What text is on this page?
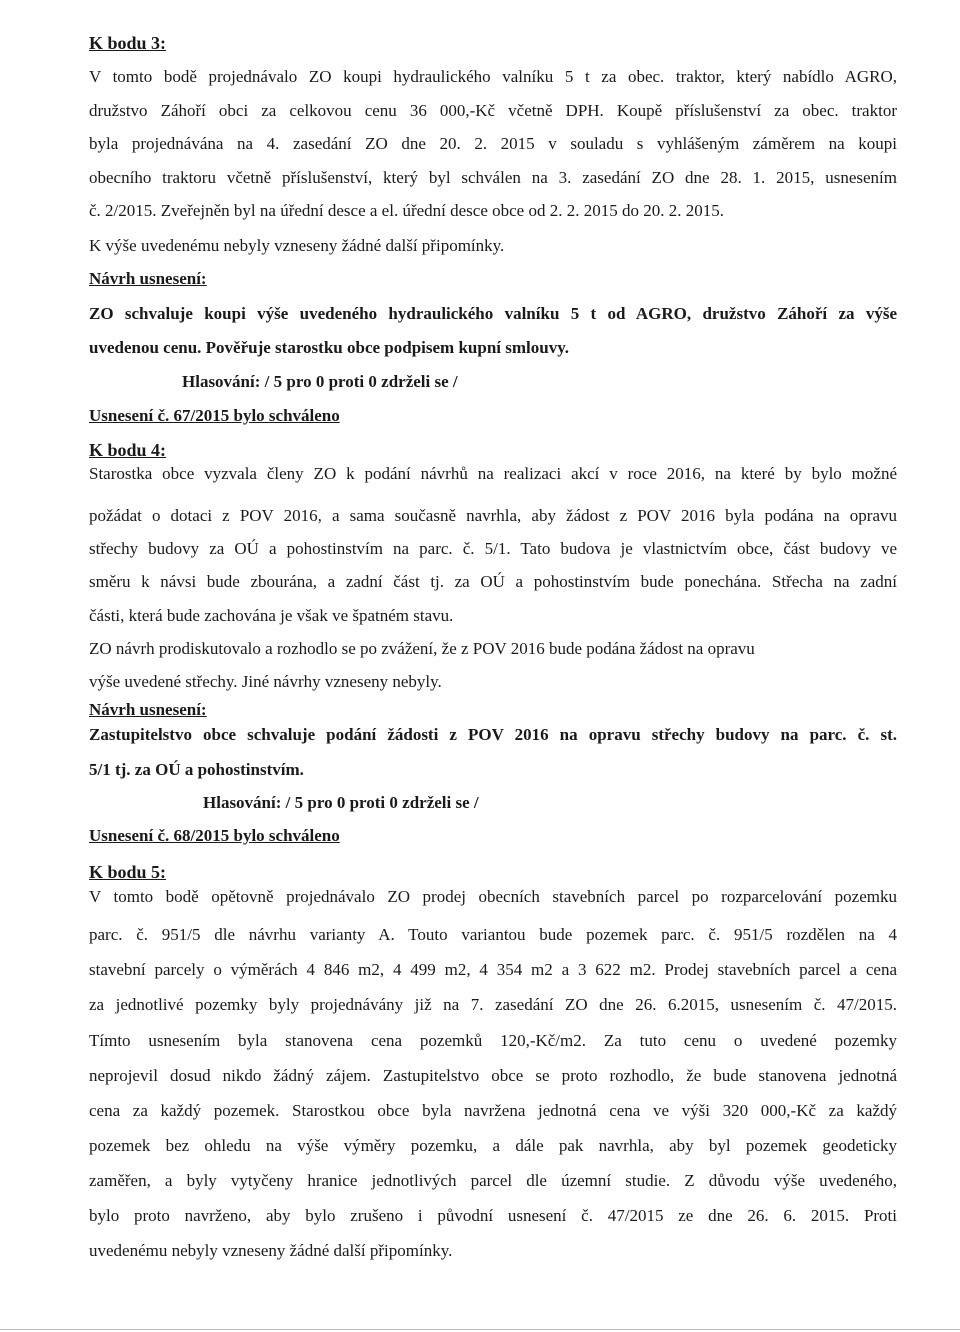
K bodu 3:
V tomto bodě projednávalo ZO koupi hydraulického valníku 5 t za obec. traktor, který nabídlo AGRO,
družstvo Záhoří obci za celkovou cenu 36 000,-Kč včetně DPH. Koupě příslušenství za obec. traktor
byla projednávána na 4. zasedání ZO dne 20. 2. 2015 v souladu s vyhlášeným záměrem na koupi
obecního traktoru včetně příslušenství, který byl schválen na 3. zasedání ZO dne 28. 1. 2015, usnesením
č. 2/2015. Zveřejněn byl na úřední desce a el. úřední desce obce od 2. 2. 2015 do 20. 2. 2015.
K výše uvedenému nebyly vzneseny žádné další připomínky.
Návrh usnesení:
ZO schvaluje koupi výše uvedeného hydraulického valníku 5 t od AGRO, družstvo Záhoří za výše
uvedenou cenu. Pověřuje starostku obce podpisem kupní smlouvy.
Hlasování: / 5 pro 0 proti 0 zdrželi se /
Usnesení č. 67/2015 bylo schváleno
K bodu 4:
Starostka obce vyzvala členy ZO k podání návrhů na realizaci akcí v roce 2016, na které by bylo možné
požádat o dotaci z POV 2016, a sama současně navrhla, aby žádost z POV 2016 byla podána na opravu
střechy budovy za OÚ a pohostinstvím na parc. č. 5/1. Tato budova je vlastnictvím obce, část budovy ve
směru k návsi bude zbourána, a zadní část tj. za OÚ a pohostinstvím bude ponechána. Střecha na zadní
části, která bude zachována je však ve špatném stavu.
ZO návrh prodiskutovalo a rozhodlo se po zvážení, že z POV 2016 bude podána žádost na opravu
výše uvedené střechy. Jiné návrhy vzneseny nebyly.
Návrh usnesení:
Zastupitelstvo obce schvaluje podání žádosti z POV 2016 na opravu střechy budovy na parc. č. st.
5/1 tj. za OÚ a pohostinstvím.
Hlasování: / 5 pro 0 proti 0 zdrželi se /
Usnesení č. 68/2015 bylo schváleno
K bodu 5:
V tomto bodě opětovně projednávalo ZO prodej obecních stavebních parcel po rozparcelování pozemku
parc. č. 951/5 dle návrhu varianty A. Touto variantou bude pozemek parc. č. 951/5 rozdělen na 4
stavební parcely o výměrách 4 846 m2, 4 499 m2, 4 354 m2 a 3 622 m2. Prodej stavebních parcel a cena
za jednotlivé pozemky byly projednávány již na 7. zasedání ZO dne 26. 6.2015, usnesením č. 47/2015.
Tímto usnesením byla stanovena cena pozemků 120,-Kč/m2. Za tuto cenu o uvedené pozemky
neprojevil dosud nikdo žádný zájem. Zastupitelstvo obce se proto rozhodlo, že bude stanovena jednotná
cena za každý pozemek. Starostkou obce byla navržena jednotná cena ve výši 320 000,-Kč za každý
pozemek bez ohledu na výše výměry pozemku, a dále pak navrhla, aby byl pozemek geodeticky
zaměřen, a byly vytyčeny hranice jednotlivých parcel dle územní studie. Z důvodu výše uvedeného,
bylo proto navrženo, aby bylo zrušeno i původní usnesení č. 47/2015 ze dne 26. 6. 2015. Proti
uvedenému nebyly vzneseny žádné další připomínky.
